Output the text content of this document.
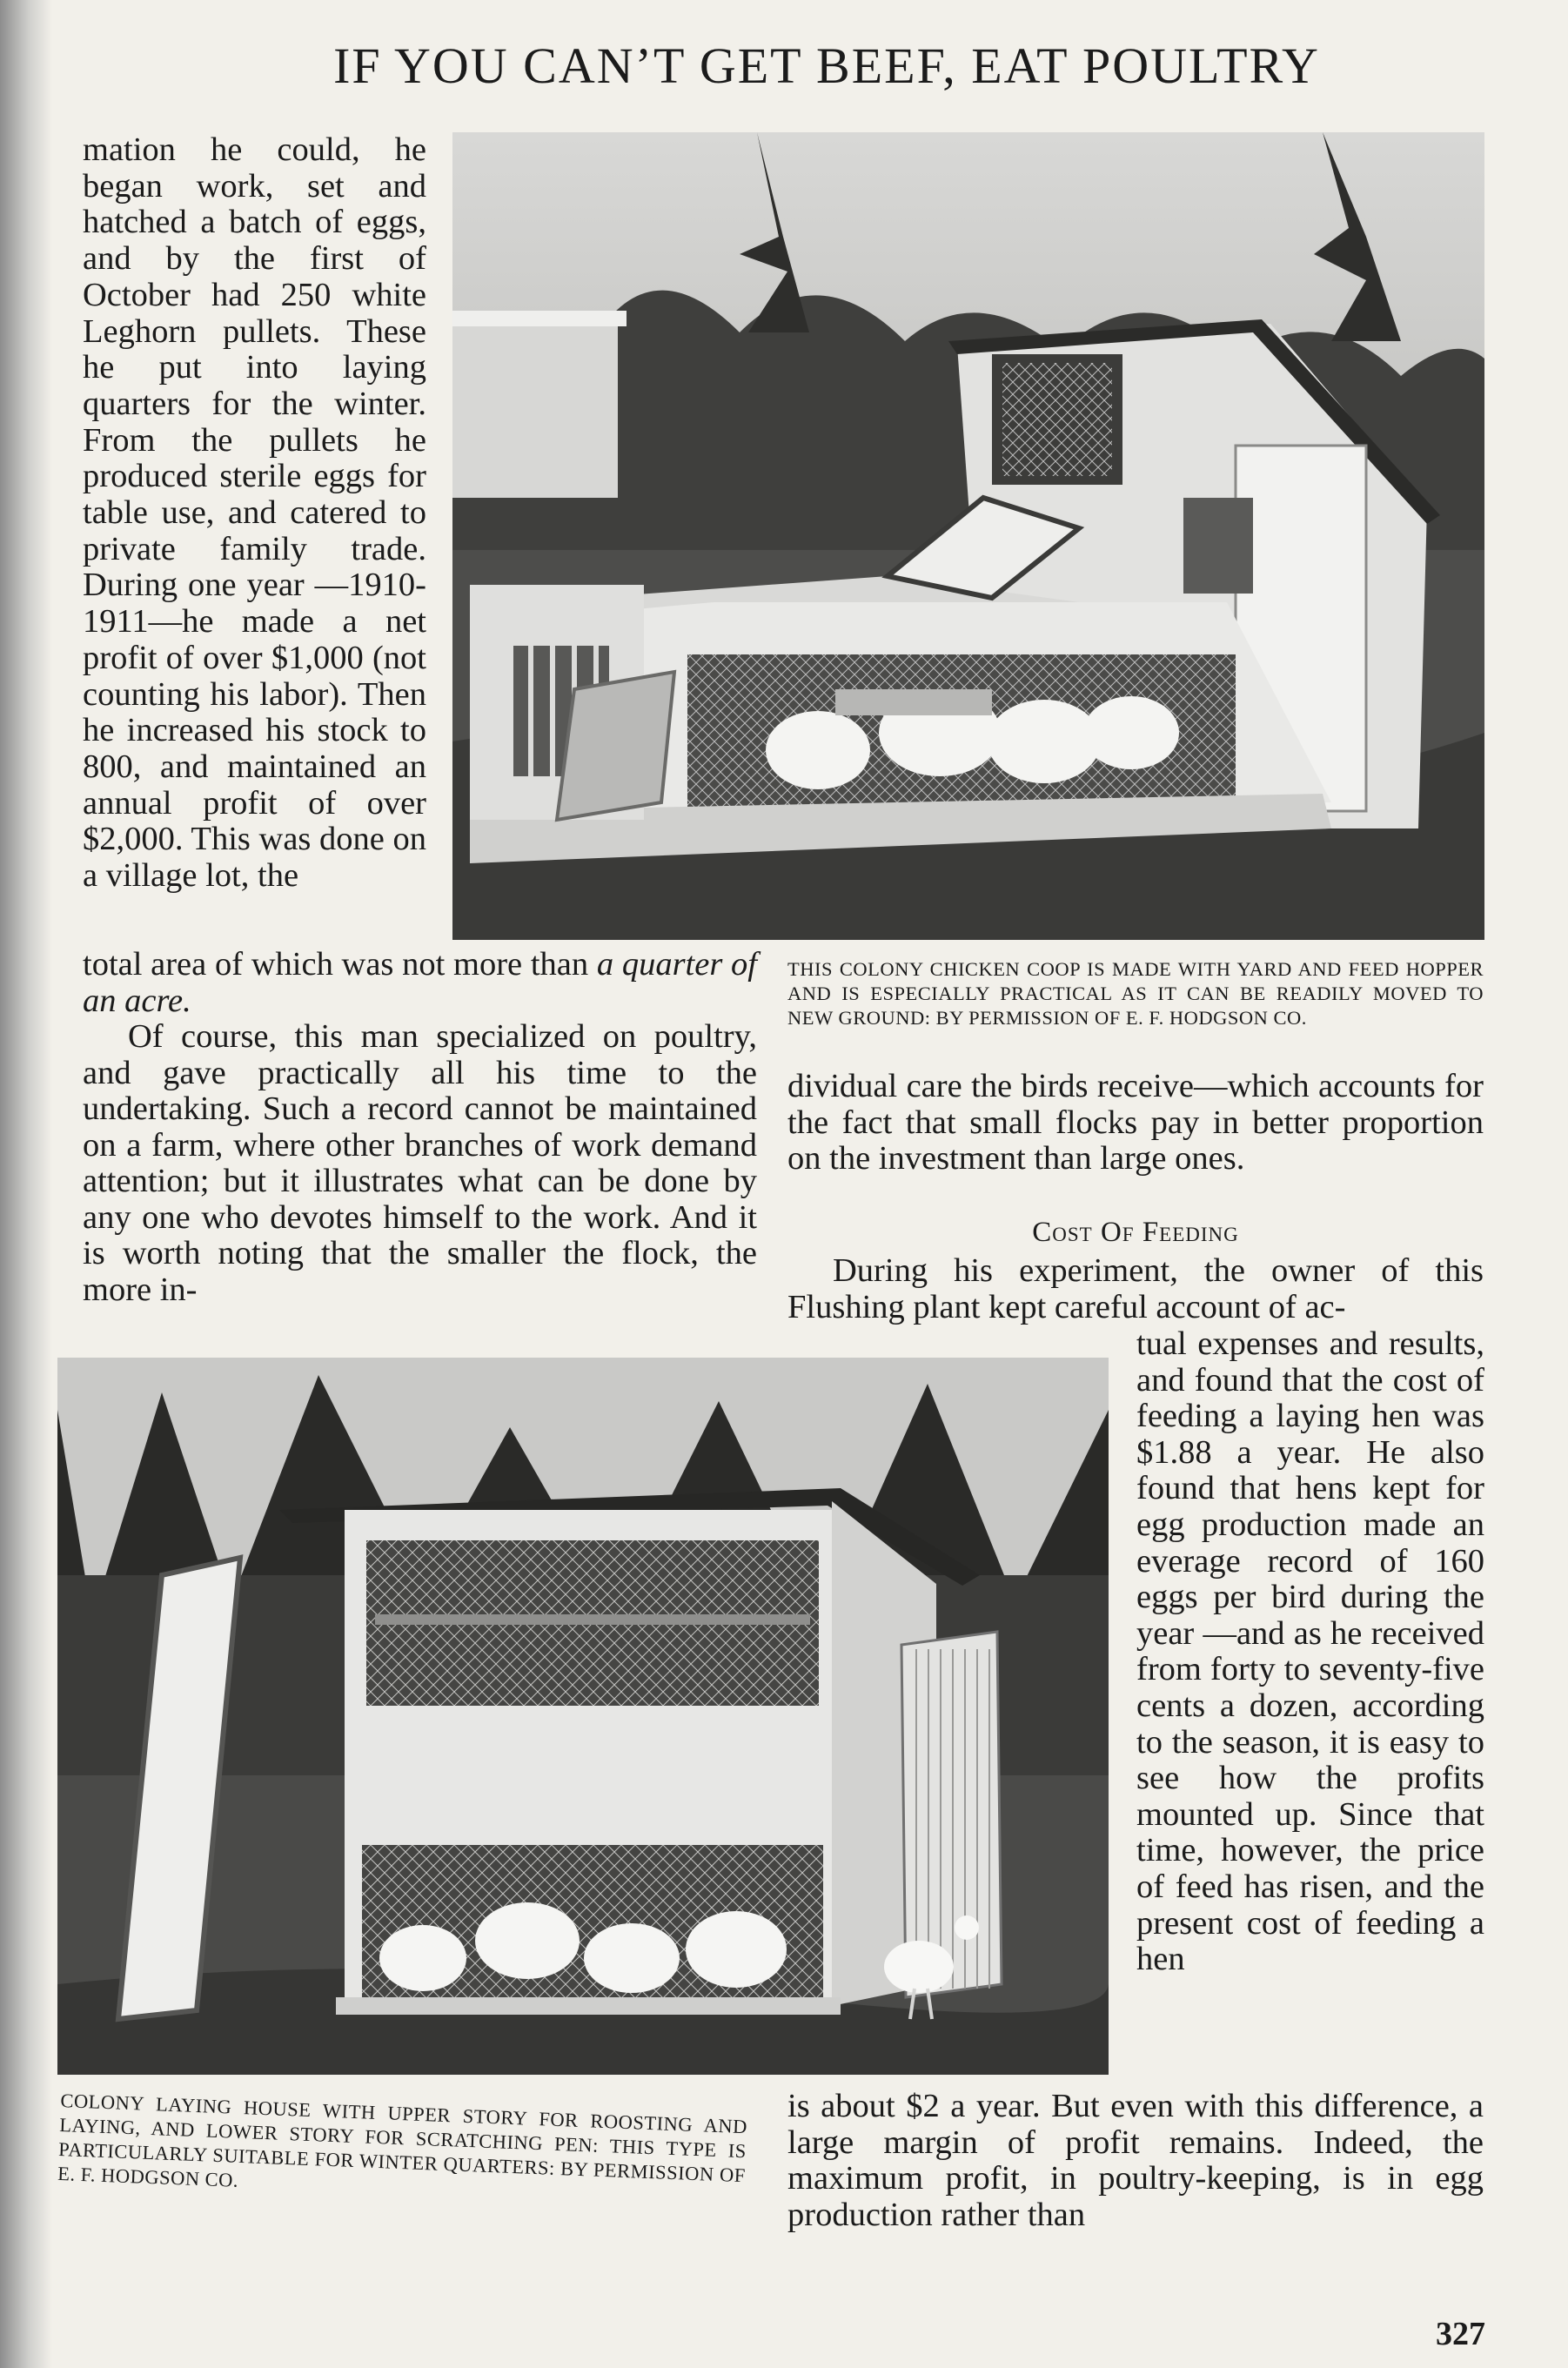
IF YOU CAN’T GET BEEF, EAT POULTRY

mation he could, he began work, set and hatched a batch of eggs, and by the first of October had 250 white Leghorn pullets. These he put into laying quarters for the winter. From the pullets he produced sterile eggs for table use, and catered to private family trade. During one year —1910-1911—he made a net profit of over $1,000 (not counting his labor). Then he increased his stock to 800, and maintained an annual profit of over $2,000. This was done on a village lot, the

total area of which was not more than a quarter of an acre.

Of course, this man specialized on poultry, and gave practically all his time to the undertaking. Such a record cannot be maintained on a farm, where other branches of work demand attention; but it illustrates what can be done by any one who devotes himself to the work. And it is worth noting that the smaller the flock, the more in-

THIS COLONY CHICKEN COOP IS MADE WITH YARD AND FEED HOPPER AND IS ESPECIALLY PRACTICAL AS IT CAN BE READILY MOVED TO NEW GROUND: BY PERMISSION OF E. F. HODGSON CO.

dividual care the birds receive—which accounts for the fact that small flocks pay in better proportion on the investment than large ones.

Cost Of Feeding

During his experiment, the owner of this Flushing plant kept careful account of ac-

tual expenses and results, and found that the cost of feeding a laying hen was $1.88 a year. He also found that hens kept for egg production made an everage record of 160 eggs per bird during the year —and as he received from forty to seventy-five cents a dozen, according to the season, it is easy to see how the profits mounted up. Since that time, however, the price of feed has risen, and the present cost of feeding a hen

is about $2 a year. But even with this difference, a large margin of profit remains. Indeed, the maximum profit, in poultry-keeping, is in egg production rather than

COLONY LAYING HOUSE WITH UPPER STORY FOR ROOSTING AND LAYING, AND LOWER STORY FOR SCRATCHING PEN: THIS TYPE IS PARTICULARLY SUITABLE FOR WINTER QUARTERS: BY PERMISSION OF E. F. HODGSON CO.
327
